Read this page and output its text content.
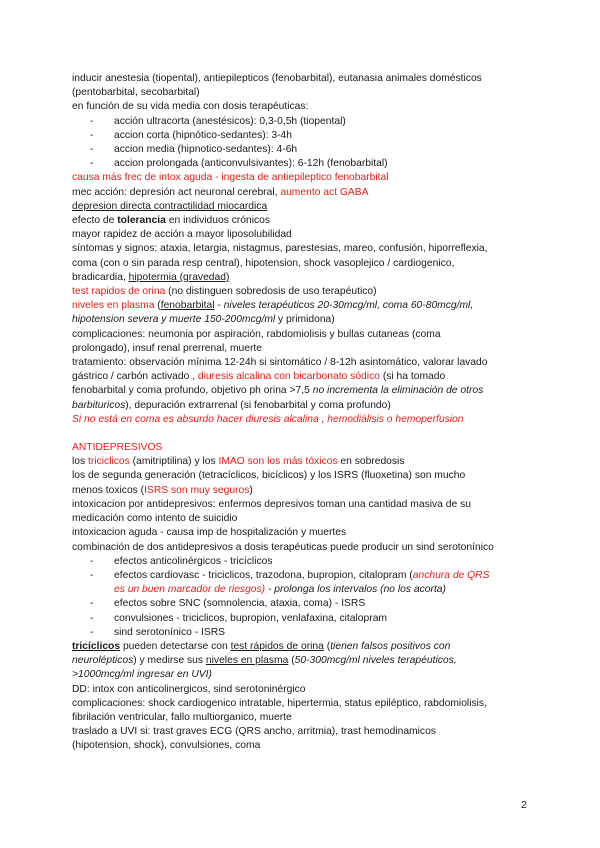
inducir anestesia (tiopental), antiepilepticos (fenobarbital), eutanasia animales domésticos
(pentobarbital, secobarbital)
en función de su vida media con dosis terapéuticas:
- acción ultracorta (anestésicos): 0,3-0,5h (tiopental)
- accion corta (hipnótico-sedantes): 3-4h
- accion media (hipnotico-sedantes): 4-6h
- accion prolongada (anticonvulsivantes): 6-12h (fenobarbital)
causa más frec de intox aguda - ingesta de antiepileptico fenobarbital
mec acción: depresión act neuronal cerebral, aumento act GABA
depresion directa contractilidad miocardica
efecto de tolerancia en individuos crónicos
mayor rapidez de acción a mayor liposolubilidad
síntomas y signos: ataxia, letargia, nistagmus, parestesias, mareo, confusión, hiporreflexia,
coma (con o sin parada resp central), hipotension, shock vasoplejico / cardiogenico,
bradicardia, hipotermia (gravedad)
test rapidos de orina (no distinguen sobredosis de uso terapéutico)
niveles en plasma (fenobarbital - niveles terapéuticos 20-30mcg/ml, coma 60-80mcg/ml,
hipotension severa y muerte 150-200mcg/ml y primidona)
complicaciones: neumonia por aspiración, rabdomiolisis y bullas cutaneas (coma
prolongado), insuf renal prerrenal, muerte
tratamiento: observación mínima 12-24h si sintomático / 8-12h asintomático, valorar lavado
gástrico / carbón activado , diuresis alcalina con bicarbonato sódico (si ha tomado
fenobarbital y coma profundo, objetivo ph orina >7,5 no incrementa la eliminación de otros
barbituricos), depuración extrarrenal (si fenobarbital y coma profundo)
Si no está en coma es absurdo hacer diuresis alcalina , hemodiálisis o hemoperfusion
ANTIDEPRESIVOS
los triciclicos (amitriptilina) y los IMAO son los más tóxicos en sobredosis
los de segunda generación (tetracíclicos, bicíclicos) y los ISRS (fluoxetina) son mucho
menos toxicos (ISRS son muy seguros)
intoxicacion por antidepresivos: enfermos depresivos toman una cantidad masiva de su
medicación como intento de suicidio
intoxicacion aguda - causa imp de hospitalización y muertes
combinación de dos antidepresivos a dosis terapéuticas puede producir un sind serotonínico
- efectos anticolinérgicos - tricíclicos
- efectos cardiovasc - triciclicos, trazodona, bupropion, citalopram (anchura de QRS
es un buen marcador de riesgos) - prolonga los intervalos (no los acorta)
- efectos sobre SNC (somnolencia, ataxia, coma) - ISRS
- convulsiones - triciclicos, bupropion, venlafaxina, citalopram
- sind serotonínico - ISRS
tricíclicos pueden detectarse con test rápidos de orina (tienen falsos positivos con
neurolépticos) y medirse sus niveles en plasma (50-300mcg/ml niveles terapéuticos,
>1000mcg/ml ingresar en UVI)
DD: intox con anticolinergicos, sind serotoninérgico
complicaciones: shock cardiogenico intratable, hipertermia, status epiléptico, rabdomiolisis,
fibrilación ventricular, fallo multiorganico, muerte
traslado a UVI si: trast graves ECG (QRS ancho, arritmia), trast hemodinamicos
(hipotension, shock), convulsiones, coma
2
